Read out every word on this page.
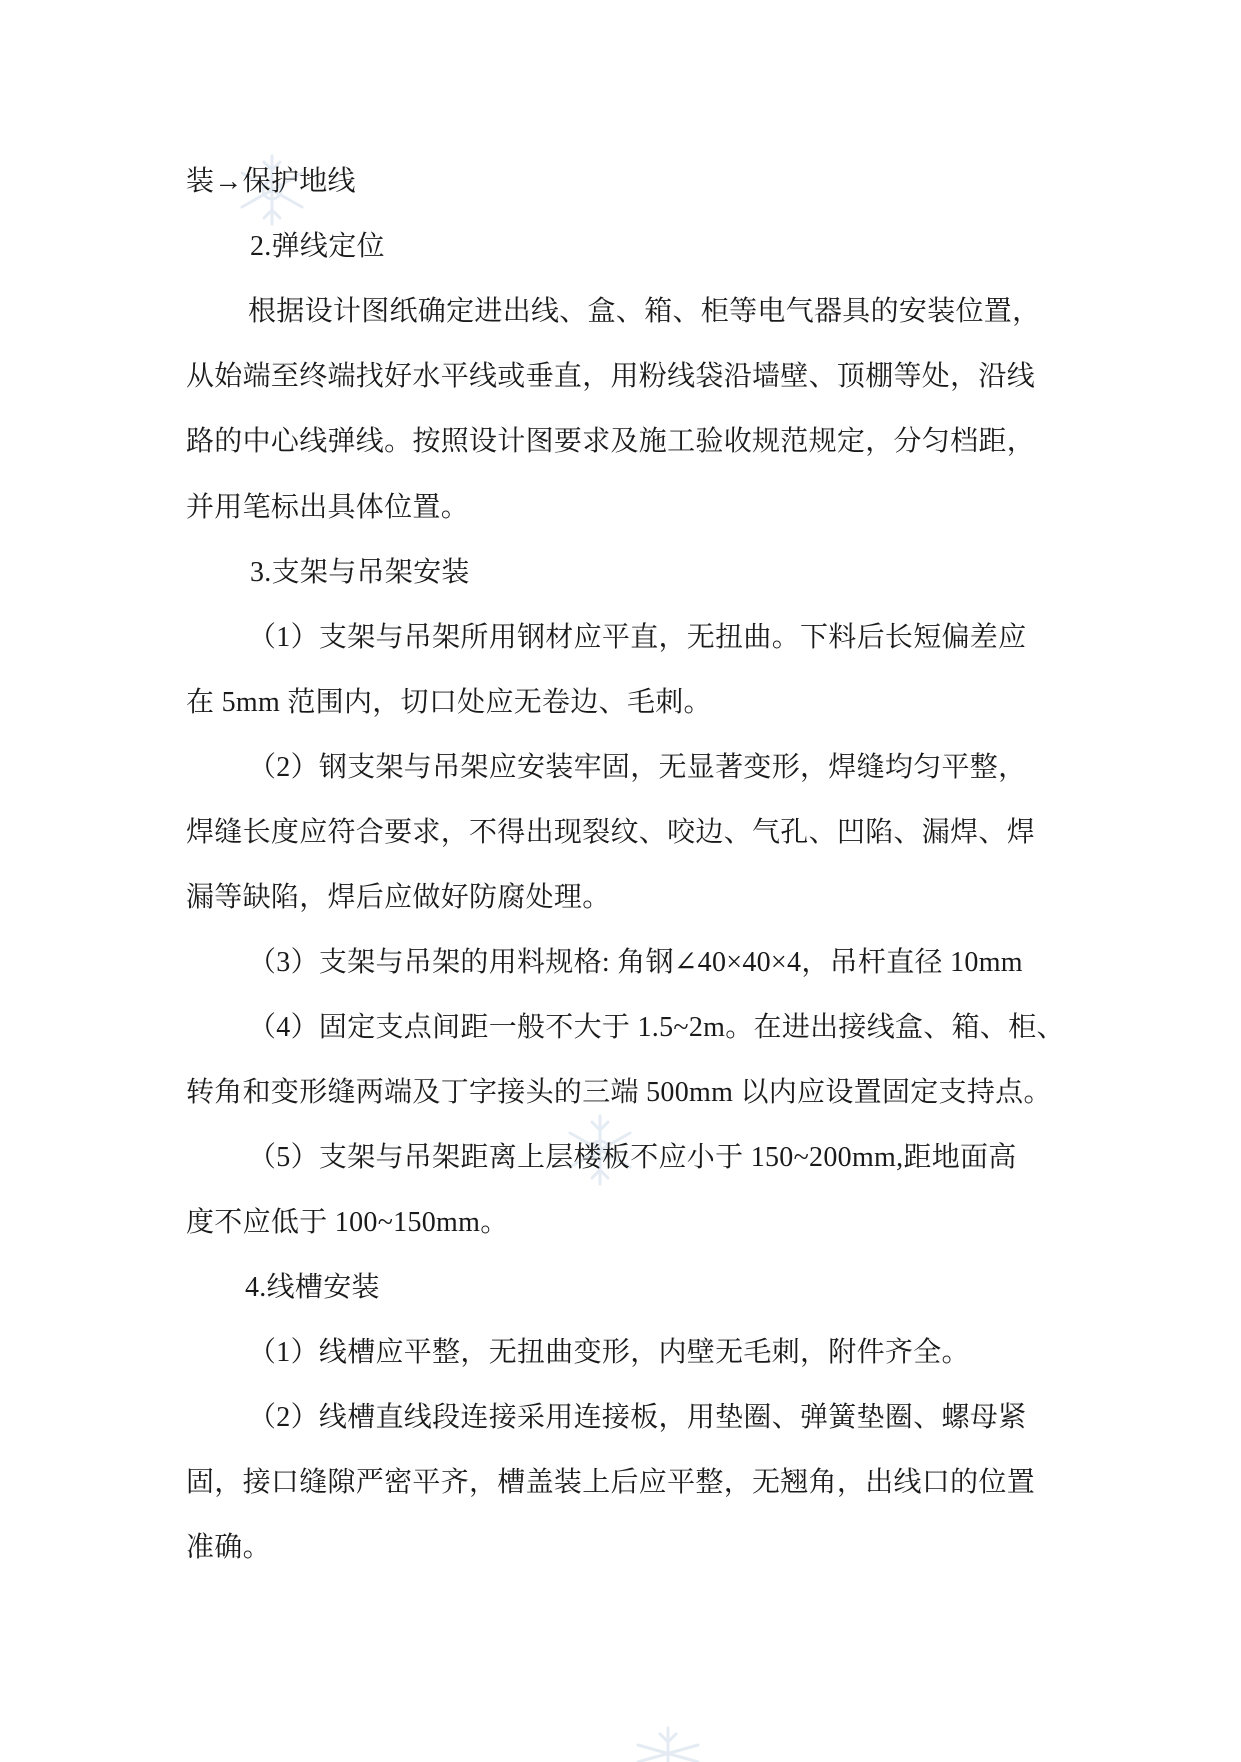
装→保护地线

2.弹线定位

根据设计图纸确定进出线、盒、箱、柜等电气器具的安装位置，

从始端至终端找好水平线或垂直，用粉线袋沿墙壁、顶棚等处，沿线

路的中心线弹线。按照设计图要求及施工验收规范规定，分匀档距，

并用笔标出具体位置。

3.支架与吊架安装

（1）支架与吊架所用钢材应平直，无扭曲。下料后长短偏差应

在 5mm 范围内，切口处应无卷边、毛刺。

（2）钢支架与吊架应安装牢固，无显著变形，焊缝均匀平整，

焊缝长度应符合要求，不得出现裂纹、咬边、气孔、凹陷、漏焊、焊

漏等缺陷，焊后应做好防腐处理。

（3）支架与吊架的用料规格: 角钢∠40×40×4，吊杆直径 10mm

（4）固定支点间距一般不大于 1.5~2m。在进出接线盒、箱、柜、

转角和变形缝两端及丁字接头的三端 500mm 以内应设置固定支持点。

（5）支架与吊架距离上层楼板不应小于 150~200mm,距地面高

度不应低于 100~150mm。

4.线槽安装

（1）线槽应平整，无扭曲变形，内壁无毛刺，附件齐全。

（2）线槽直线段连接采用连接板，用垫圈、弹簧垫圈、螺母紧

固，接口缝隙严密平齐，槽盖装上后应平整，无翘角，出线口的位置

准确。
